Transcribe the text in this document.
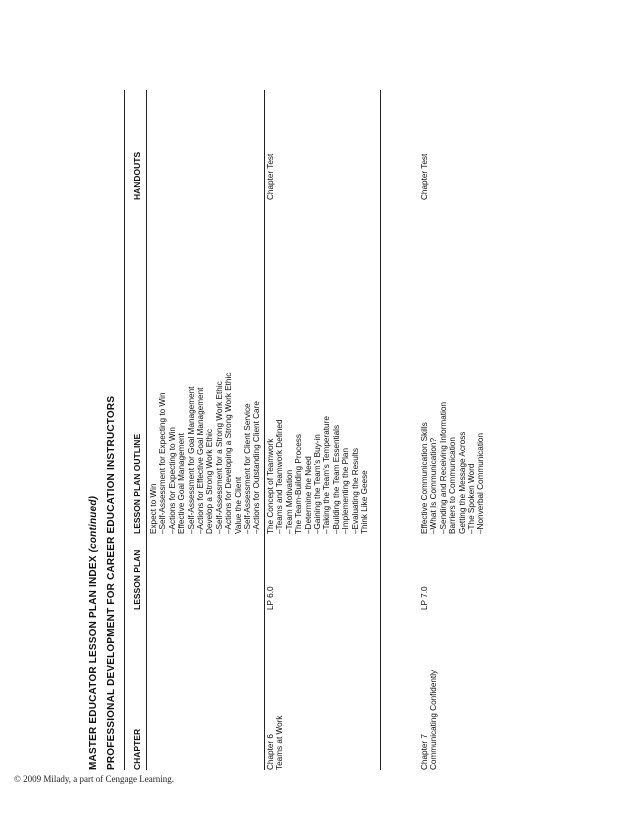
MASTER EDUCATOR LESSON PLAN INDEX (continued) PROFESSIONAL DEVELOPMENT FOR CAREER EDUCATION INSTRUCTORS CHAPTER
LESSON PLAN
LESSON PLAN OUTLINE
HANDOUTS
Expect to Win –Self-Assessment for Expecting to Win –Actions for Expecting to Win Effective Goal Management –Self-Assessment for Goal Management –Actions for Effective Goal Management Develop a Strong Work Ethic –Self-Assessment for a Strong Work Ethic –Actions for Developing a Strong Work Ethic Value the Client –Self-Assessment for Client Service –Actions for Outstanding Client Care
Chapter 6 Teams at Work
LP 6.0
The Concept of Teamwork –Teams and Teamwork Defined –Team Motivation The Team-Building Process –Determine the Need –Gaining the Team’s Buy-in –Taking the Team’s Temperature –Building the Team Essentials –Implementing the Plan –Evaluating the Results Think Like Geese
Chapter Test
Chapter 7 Communicating Confidently
LP 7.0
Effective Communication Skills –What Is Communication? –Sending and Receiving Information Barriers to Communication Getting the Message Across –The Spoken Word –Nonverbal Communication
Chapter Test
© 2009 Milady, a part of Cengage Learning.
